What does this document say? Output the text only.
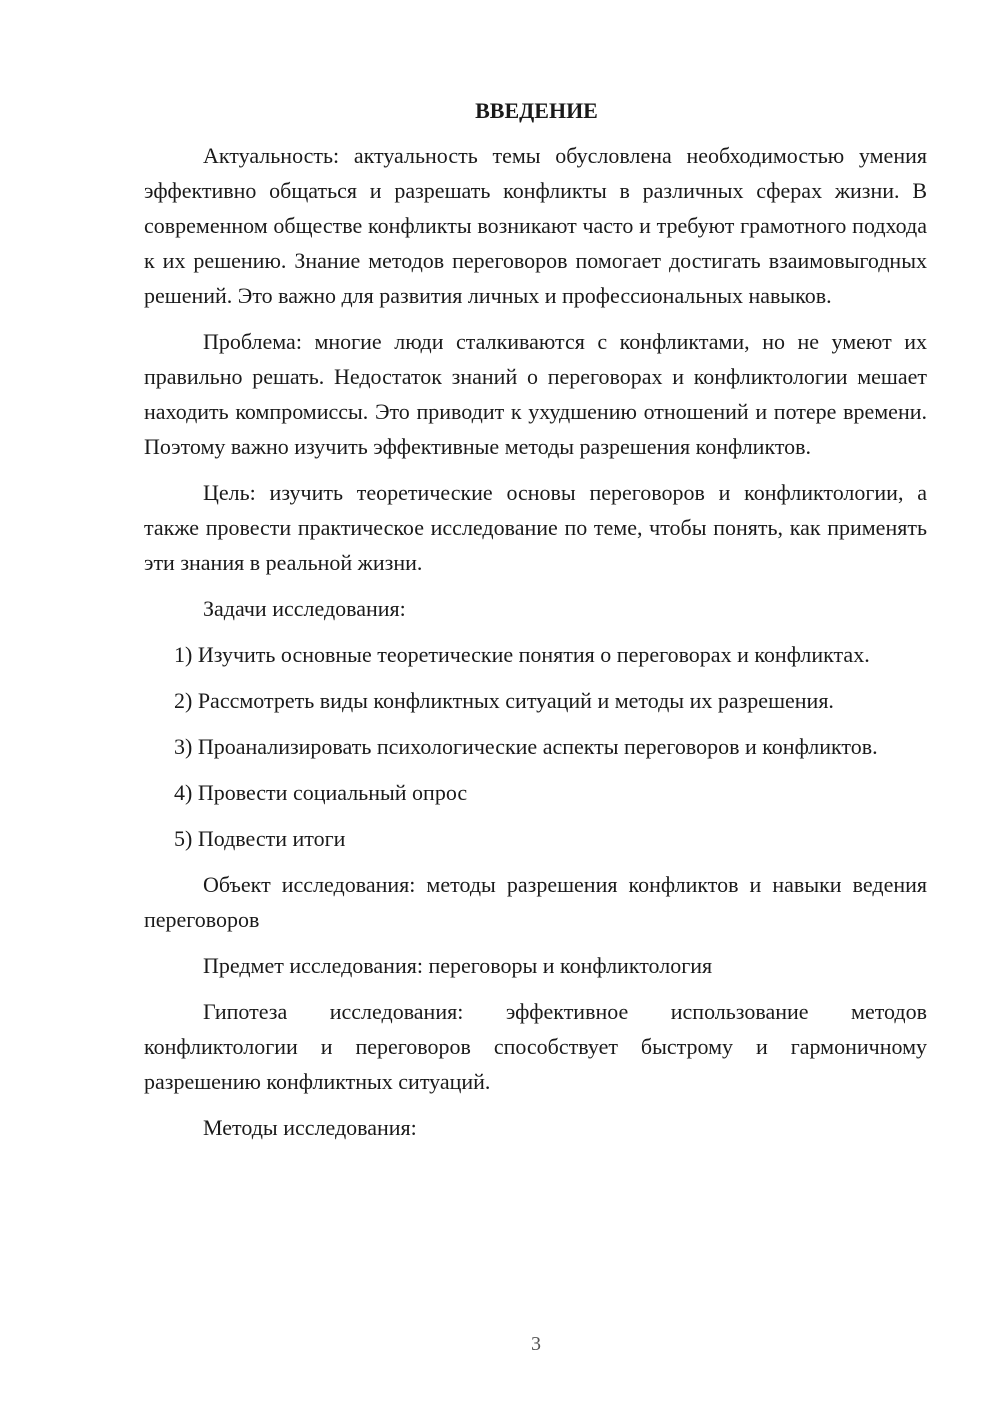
ВВЕДЕНИЕ

Актуальность: актуальность темы обусловлена необходимостью умения эффективно общаться и разрешать конфликты в различных сферах жизни. В современном обществе конфликты возникают часто и требуют грамотного подхода к их решению. Знание методов переговоров помогает достигать взаимовыгодных решений. Это важно для развития личных и профессиональных навыков.

Проблема: многие люди сталкиваются с конфликтами, но не умеют их правильно решать. Недостаток знаний о переговорах и конфликтологии мешает находить компромиссы. Это приводит к ухудшению отношений и потере времени. Поэтому важно изучить эффективные методы разрешения конфликтов.

Цель: изучить теоретические основы переговоров и конфликтологии, а также провести практическое исследование по теме, чтобы понять, как применять эти знания в реальной жизни.

Задачи исследования:

1) Изучить основные теоретические понятия о переговорах и конфликтах.

2) Рассмотреть виды конфликтных ситуаций и методы их разрешения.

3) Проанализировать психологические аспекты переговоров и конфликтов.

4) Провести социальный опрос

5) Подвести итоги

Объект исследования: методы разрешения конфликтов и навыки ведения переговоров

Предмет исследования: переговоры и конфликтология

Гипотеза исследования: эффективное использование методов конфликтологии и переговоров способствует быстрому и гармоничному разрешению конфликтных ситуаций.

Методы исследования:

3
